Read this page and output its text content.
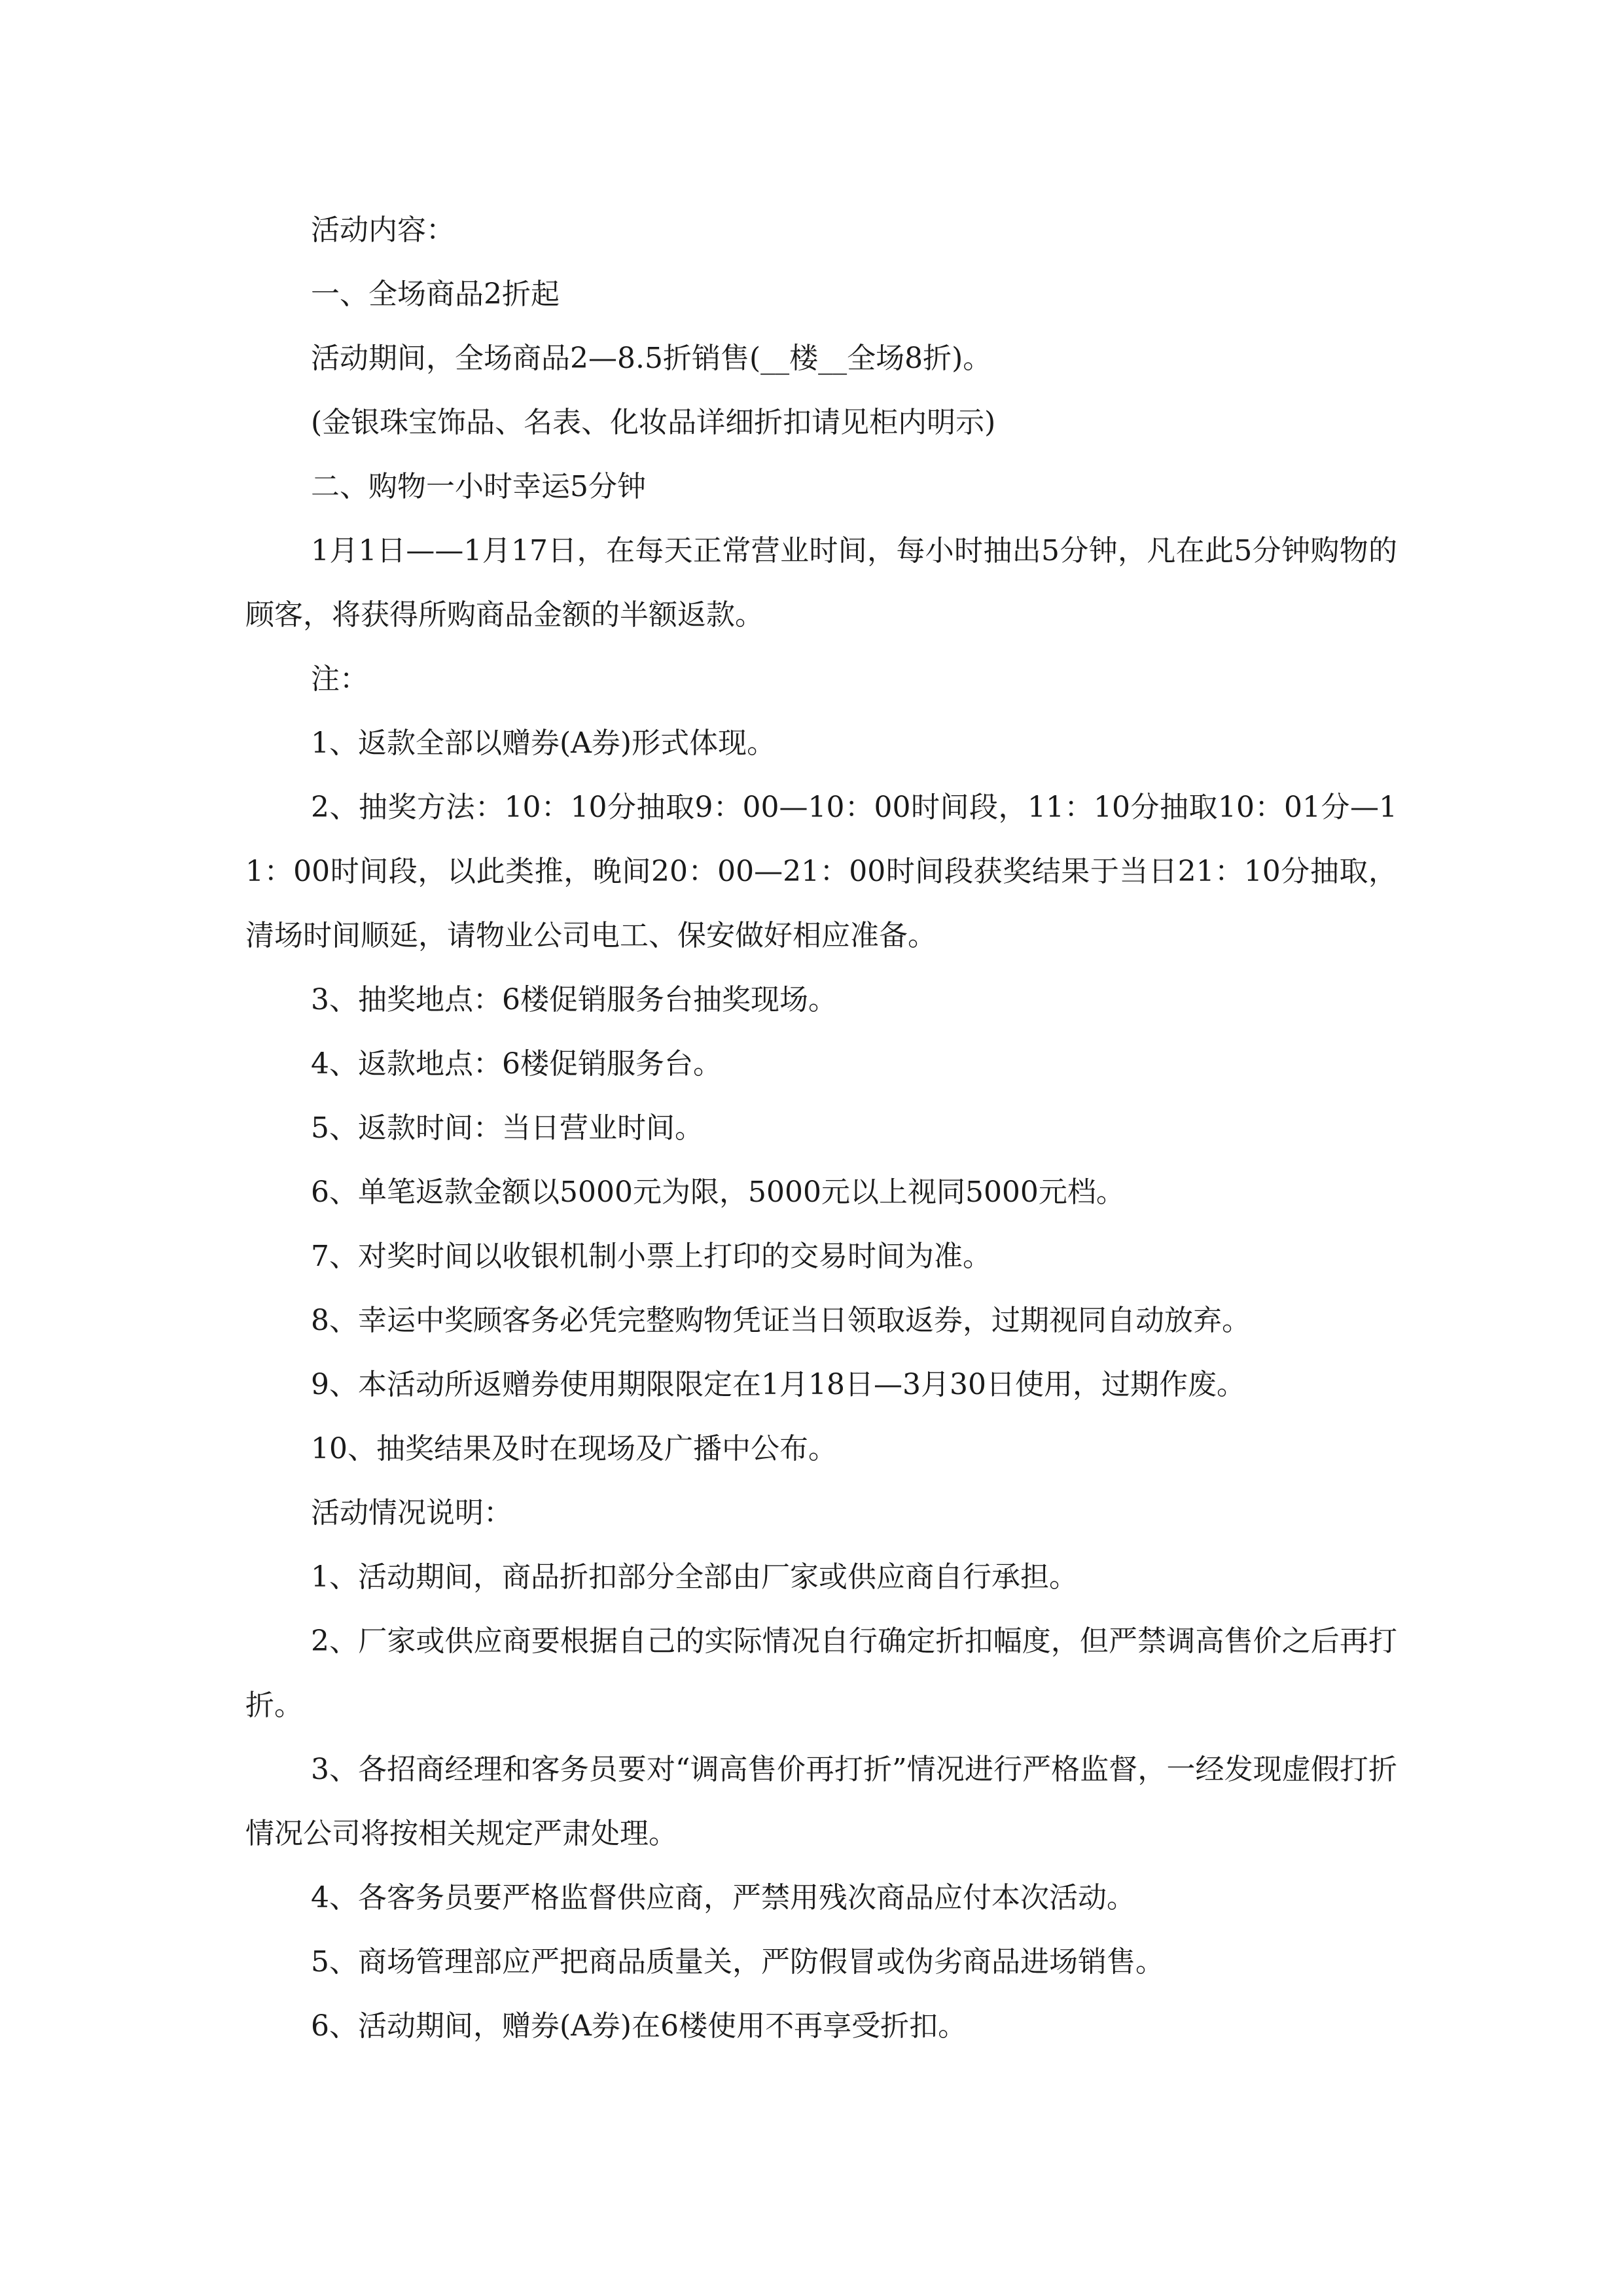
活动内容：

一、全场商品2折起

活动期间，全场商品2—8.5折销售(__楼__全场8折)。

(金银珠宝饰品、名表、化妆品详细折扣请见柜内明示)

二、购物一小时幸运5分钟

1月1日——1月17日，在每天正常营业时间，每小时抽出5分钟，凡在此5分钟购物的顾客，将获得所购商品金额的半额返款。

注：

1、返款全部以赠券(A券)形式体现。

2、抽奖方法：10：10分抽取9：00—10：00时间段，11：10分抽取10：01分—11：00时间段，以此类推，晚间20：00—21：00时间段获奖结果于当日21：10分抽取，清场时间顺延，请物业公司电工、保安做好相应准备。

3、抽奖地点：6楼促销服务台抽奖现场。

4、返款地点：6楼促销服务台。

5、返款时间：当日营业时间。

6、单笔返款金额以5000元为限，5000元以上视同5000元档。

7、对奖时间以收银机制小票上打印的交易时间为准。

8、幸运中奖顾客务必凭完整购物凭证当日领取返券，过期视同自动放弃。

9、本活动所返赠券使用期限限定在1月18日—3月30日使用，过期作废。

10、抽奖结果及时在现场及广播中公布。

活动情况说明：

1、活动期间，商品折扣部分全部由厂家或供应商自行承担。

2、厂家或供应商要根据自己的实际情况自行确定折扣幅度，但严禁调高售价之后再打折。

3、各招商经理和客务员要对“调高售价再打折”情况进行严格监督，一经发现虚假打折情况公司将按相关规定严肃处理。

4、各客务员要严格监督供应商，严禁用残次商品应付本次活动。

5、商场管理部应严把商品质量关，严防假冒或伪劣商品进场销售。

6、活动期间，赠券(A券)在6楼使用不再享受折扣。
